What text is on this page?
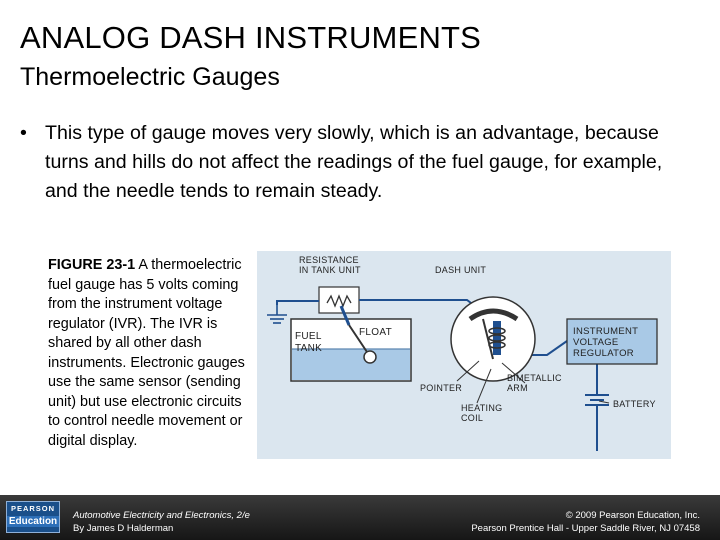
ANALOG DASH INSTRUMENTS
Thermoelectric Gauges
• This type of gauge moves very slowly, which is an advantage, because turns and hills do not affect the readings of the fuel gauge, for example, and the needle tends to remain steady.
FIGURE 23-1 A thermoelectric fuel gauge has 5 volts coming from the instrument voltage regulator (IVR). The IVR is shared by all other dash instruments. Electronic gauges use the same sensor (sending unit) but use electronic circuits to control needle movement or digital display.
RESISTANCE
IN TANK UNIT	DASH UNIT
FUEL
TANK
FLOAT	INSTRUMENT
VOLTAGE
REGULATOR
POINTER
BIMETALLIC
ARM
HEATING
COIL
BATTERY
PEARSON
Education
Automotive Electricity and Electronics, 2/e
By James D Halderman
© 2009 Pearson Education, Inc.
Pearson Prentice Hall - Upper Saddle River, NJ 07458
